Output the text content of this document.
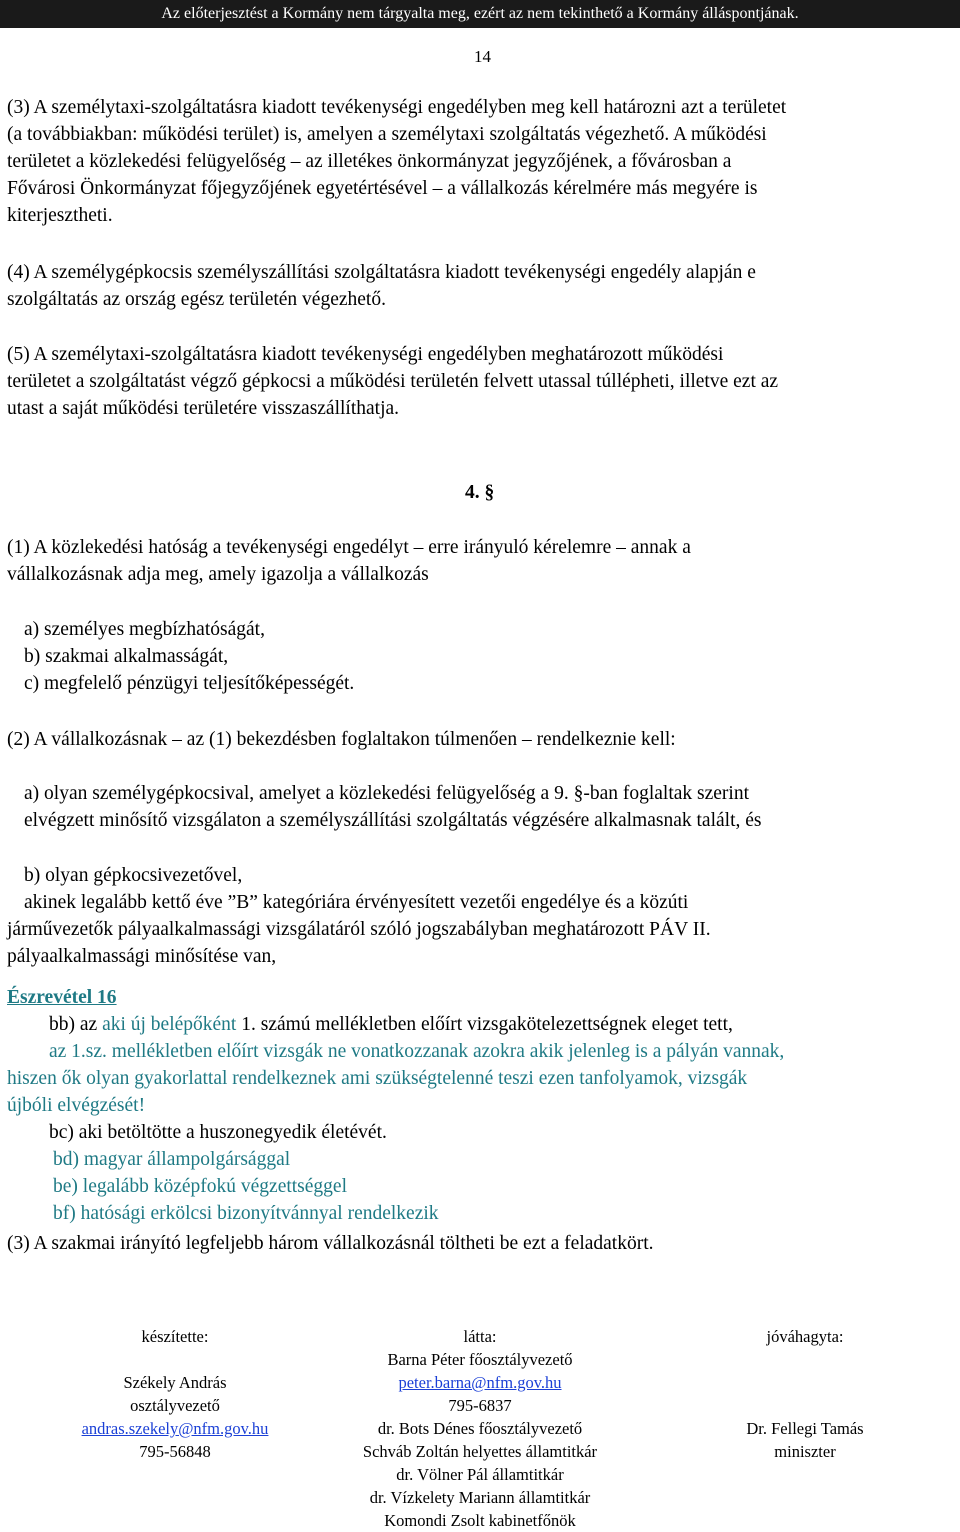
Az előterjesztést a Kormány nem tárgyalta meg, ezért az nem tekinthető a Kormány álláspontjának.
14
(3) A személytaxi-szolgáltatásra kiadott tevékenységi engedélyben meg kell határozni azt a területet
(a továbbiakban: működési terület) is, amelyen a személytaxi szolgáltatás végezhető. A működési
területet a közlekedési felügyelőség – az illetékes önkormányzat jegyzőjének, a fővárosban a
Fővárosi Önkormányzat főjegyzőjének egyetértésével – a vállalkozás kérelmére más megyére is
kiterjesztheti.
(4) A személygépkocsis személyszállítási szolgáltatásra kiadott tevékenységi engedély alapján e
szolgáltatás az ország egész területén végezhető.
(5) A személytaxi-szolgáltatásra kiadott tevékenységi engedélyben meghatározott működési
területet a szolgáltatást végző gépkocsi a működési területén felvett utassal túllépheti, illetve ezt az
utast a saját működési területére visszaszállíthatja.
4. §
(1) A közlekedési hatóság a tevékenységi engedélyt – erre irányuló kérelemre – annak a
vállalkozásnak adja meg, amely igazolja a vállalkozás
a) személyes megbízhatóságát,
b) szakmai alkalmasságát,
c) megfelelő pénzügyi teljesítőképességét.
(2) A vállalkozásnak – az (1) bekezdésben foglaltakon túlmenően – rendelkeznie kell:
a) olyan személygépkocsival, amelyet a közlekedési felügyelőség a 9. §-ban foglaltak szerint
elvégzett minősítő vizsgálaton a személyszállítási szolgáltatás végzésére alkalmasnak talált, és
b) olyan gépkocsivezetővel,
akinek legalább kettő éve ”B” kategóriára érvényesített vezetői engedélye és a közúti
járművezetők pályaalkalmassági vizsgálatáról szóló jogszabályban meghatározott PÁV II.
pályaalkalmassági minősítése van,
Észrevétel 16
bb) az aki új belépőként 1. számú mellékletben előírt vizsgakötelezettségnek eleget tett,
az 1.sz. mellékletben előírt vizsgák ne vonatkozzanak azokra akik jelenleg is a pályán vannak,
hiszen ők olyan gyakorlattal rendelkeznek ami szükségtelenné teszi ezen tanfolyamok, vizsgák
újbóli elvégzését!
bc) aki betöltötte a huszonegyedik életévét.
bd) magyar állampolgársággal
be) legalább középfokú végzettséggel
bf) hatósági erkölcsi bizonyítvánnyal rendelkezik
(3) A szakmai irányító legfeljebb három vállalkozásnál töltheti be ezt a feladatkört.
készítette:
Székely András
osztályvezető
andras.szekely@nfm.gov.hu
795-56848
látta:
Barna Péter főosztályvezető
peter.barna@nfm.gov.hu
795-6837
dr. Bots Dénes főosztályvezető
Schváb Zoltán helyettes államtitkár
dr. Völner Pál államtitkár
dr. Vízkelety Mariann államtitkár
Komondi Zsolt kabinetfőnök
jóváhagyta:
Dr. Fellegi Tamás
miniszter
